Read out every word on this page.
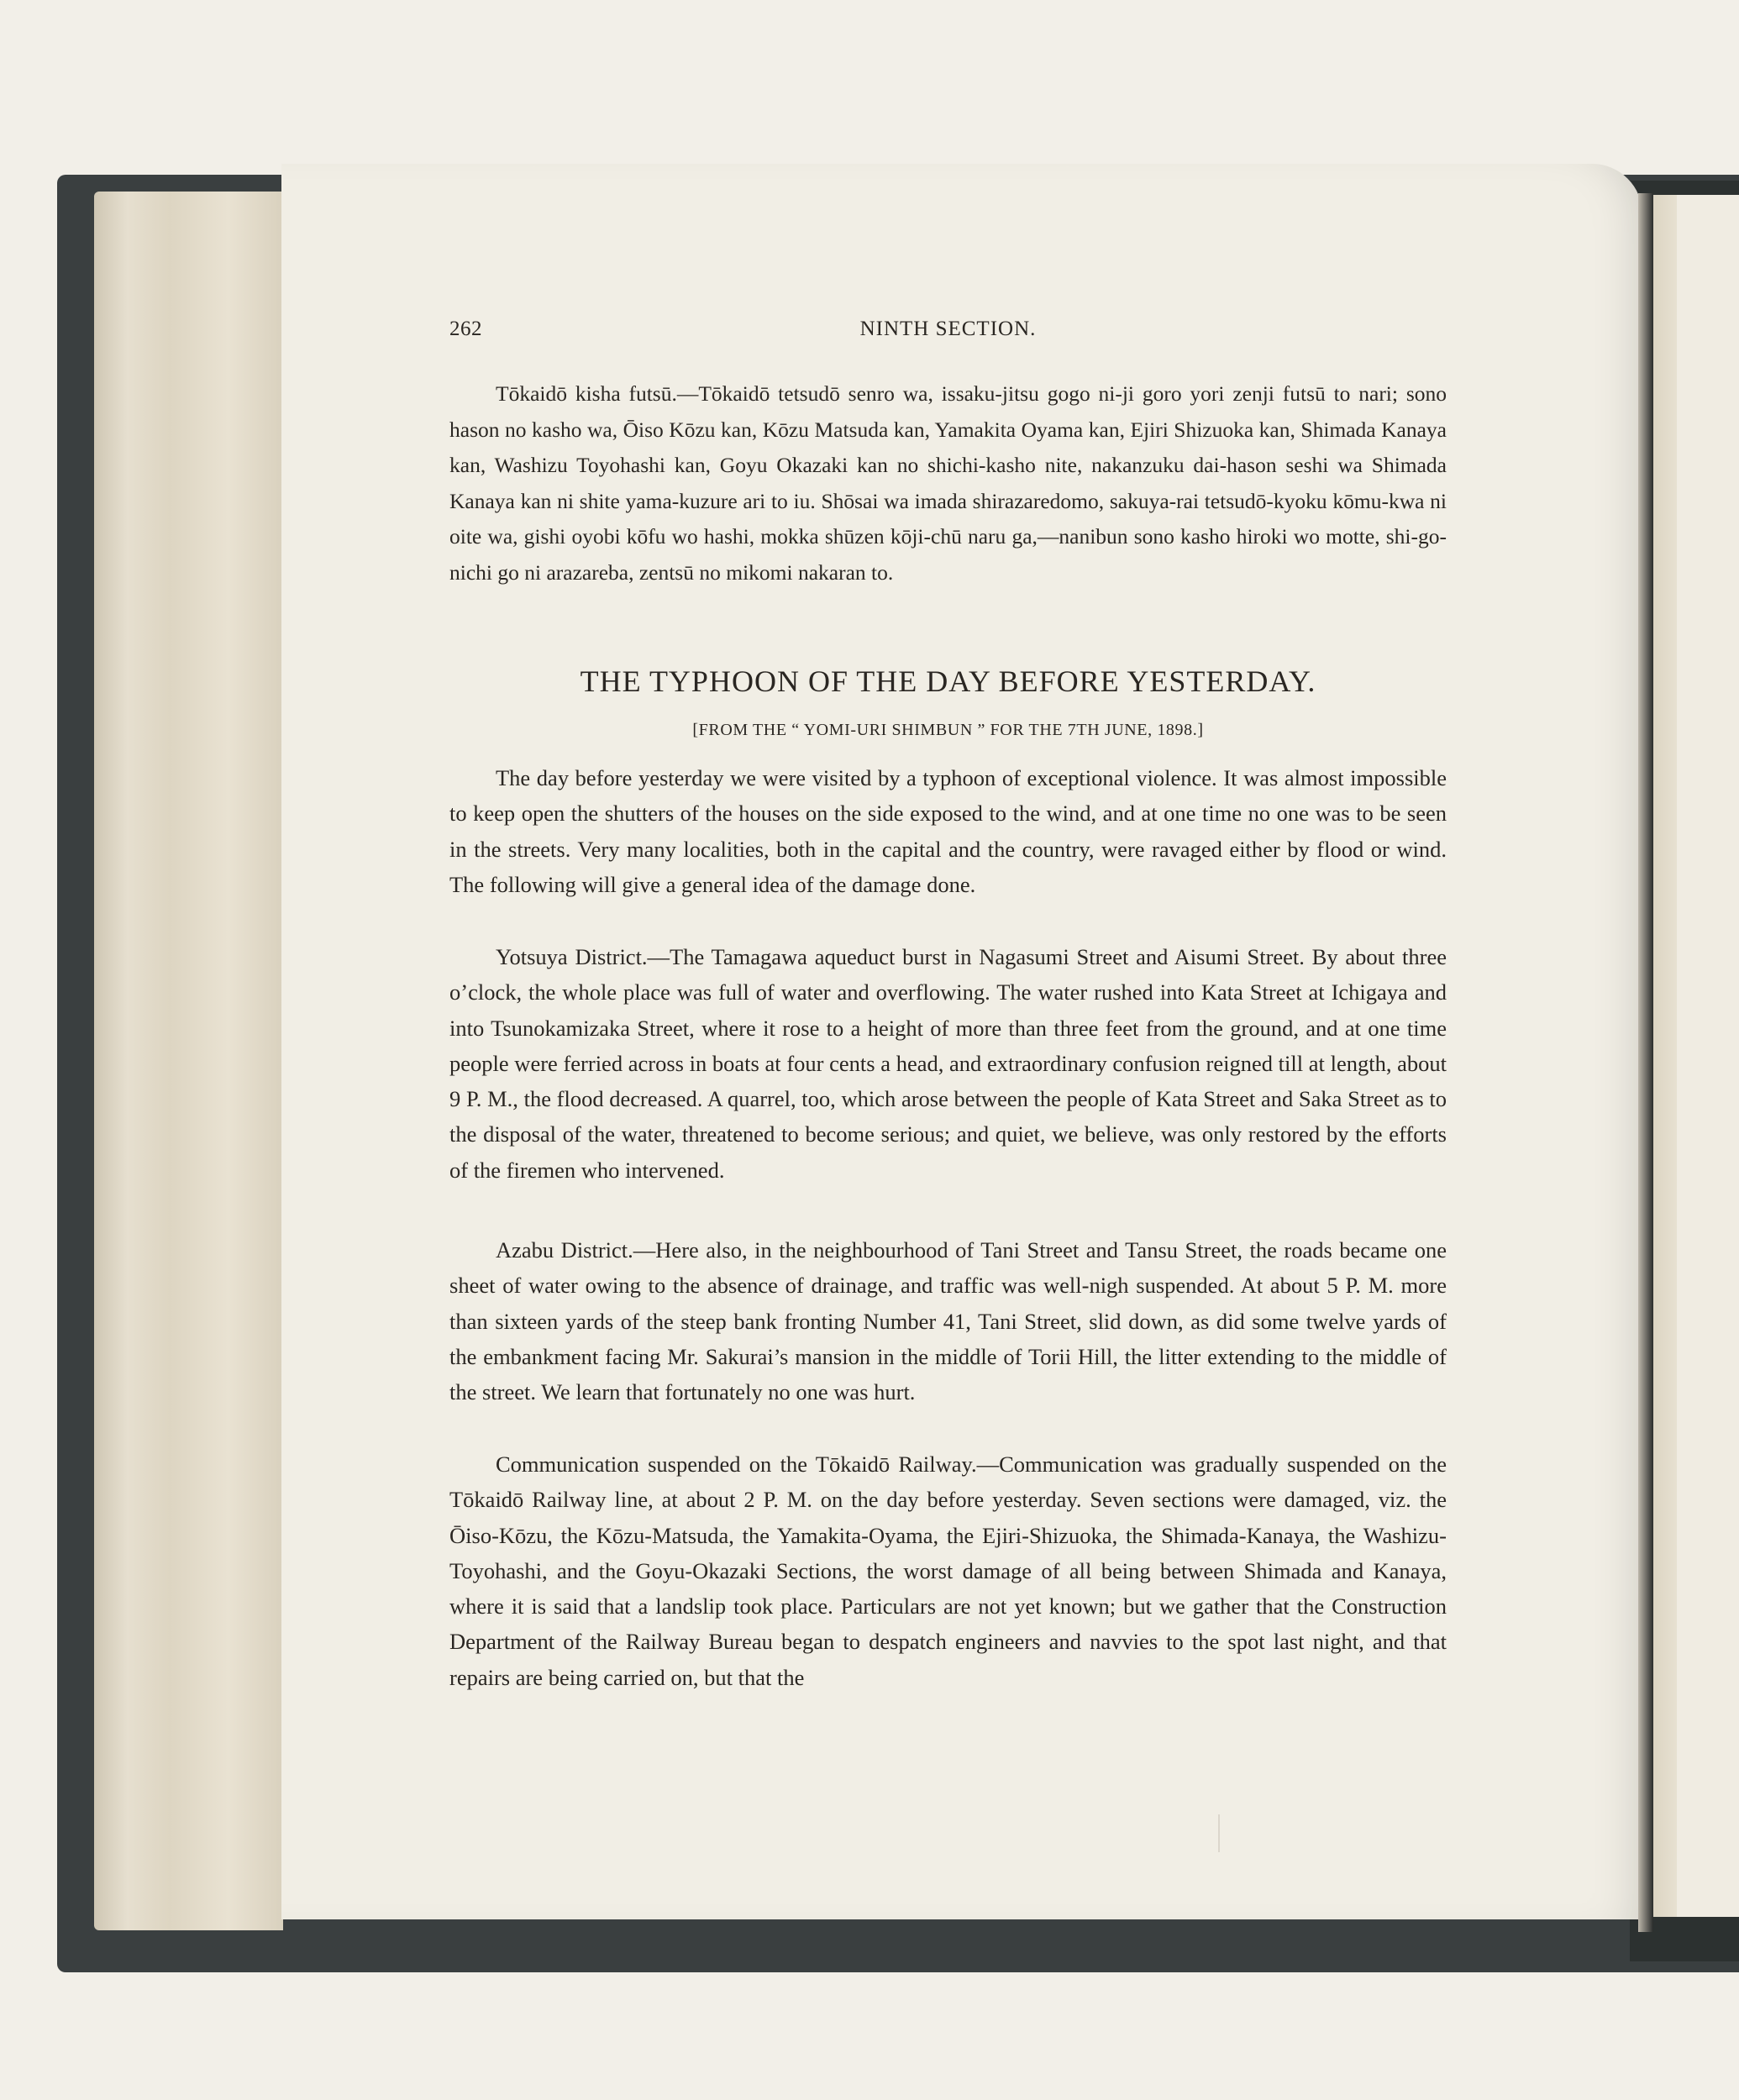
262	NINTH SECTION.

Tōkaidō kisha futsū.—Tōkaidō tetsudō senro wa, issaku-jitsu gogo ni-ji goro yori zenji futsū to nari; sono hason no kasho wa, Ōiso Kōzu kan, Kōzu Matsuda kan, Yamakita Oyama kan, Ejiri Shizuoka kan, Shimada Kanaya kan, Washizu Toyohashi kan, Goyu Okazaki kan no shichi-kasho nite, nakanzuku dai-hason seshi wa Shimada Kanaya kan ni shite yama-kuzure ari to iu. Shōsai wa imada shirazaredomo, sakuya-rai tetsudō-kyoku kōmu-kwa ni oite wa, gishi oyobi kōfu wo hashi, mokka shūzen kōji-chū naru ga,—nanibun sono kasho hiroki wo motte, shi-go-nichi go ni arazareba, zentsū no mikomi nakaran to.

THE TYPHOON OF THE DAY BEFORE YESTERDAY.
[FROM THE “ YOMI-URI SHIMBUN ” FOR THE 7TH JUNE, 1898.]

The day before yesterday we were visited by a typhoon of exceptional violence. It was almost impossible to keep open the shutters of the houses on the side exposed to the wind, and at one time no one was to be seen in the streets. Very many localities, both in the capital and the country, were ravaged either by flood or wind. The following will give a general idea of the damage done.

Yotsuya District.—The Tamagawa aqueduct burst in Nagasumi Street and Aisumi Street. By about three o’clock, the whole place was full of water and overflowing. The water rushed into Kata Street at Ichigaya and into Tsunokamizaka Street, where it rose to a height of more than three feet from the ground, and at one time people were ferried across in boats at four cents a head, and extraordinary confusion reigned till at length, about 9 P. M., the flood decreased. A quarrel, too, which arose between the people of Kata Street and Saka Street as to the disposal of the water, threatened to become serious; and quiet, we believe, was only restored by the efforts of the firemen who intervened.

Azabu District.—Here also, in the neighbourhood of Tani Street and Tansu Street, the roads became one sheet of water owing to the absence of drainage, and traffic was well-nigh suspended. At about 5 P. M. more than sixteen yards of the steep bank fronting Number 41, Tani Street, slid down, as did some twelve yards of the embankment facing Mr. Sakurai’s mansion in the middle of Torii Hill, the litter extending to the middle of the street. We learn that fortunately no one was hurt.

Communication suspended on the Tōkaidō Railway.—Communication was gradually suspended on the Tōkaidō Railway line, at about 2 P. M. on the day before yesterday. Seven sections were damaged, viz. the Ōiso-Kōzu, the Kōzu-Matsuda, the Yamakita-Oyama, the Ejiri-Shizuoka, the Shimada-Kanaya, the Washizu-Toyohashi, and the Goyu-Okazaki Sections, the worst damage of all being between Shimada and Kanaya, where it is said that a landslip took place. Particulars are not yet known; but we gather that the Construction Department of the Railway Bureau began to despatch engineers and navvies to the spot last night, and that repairs are being carried on, but that the
